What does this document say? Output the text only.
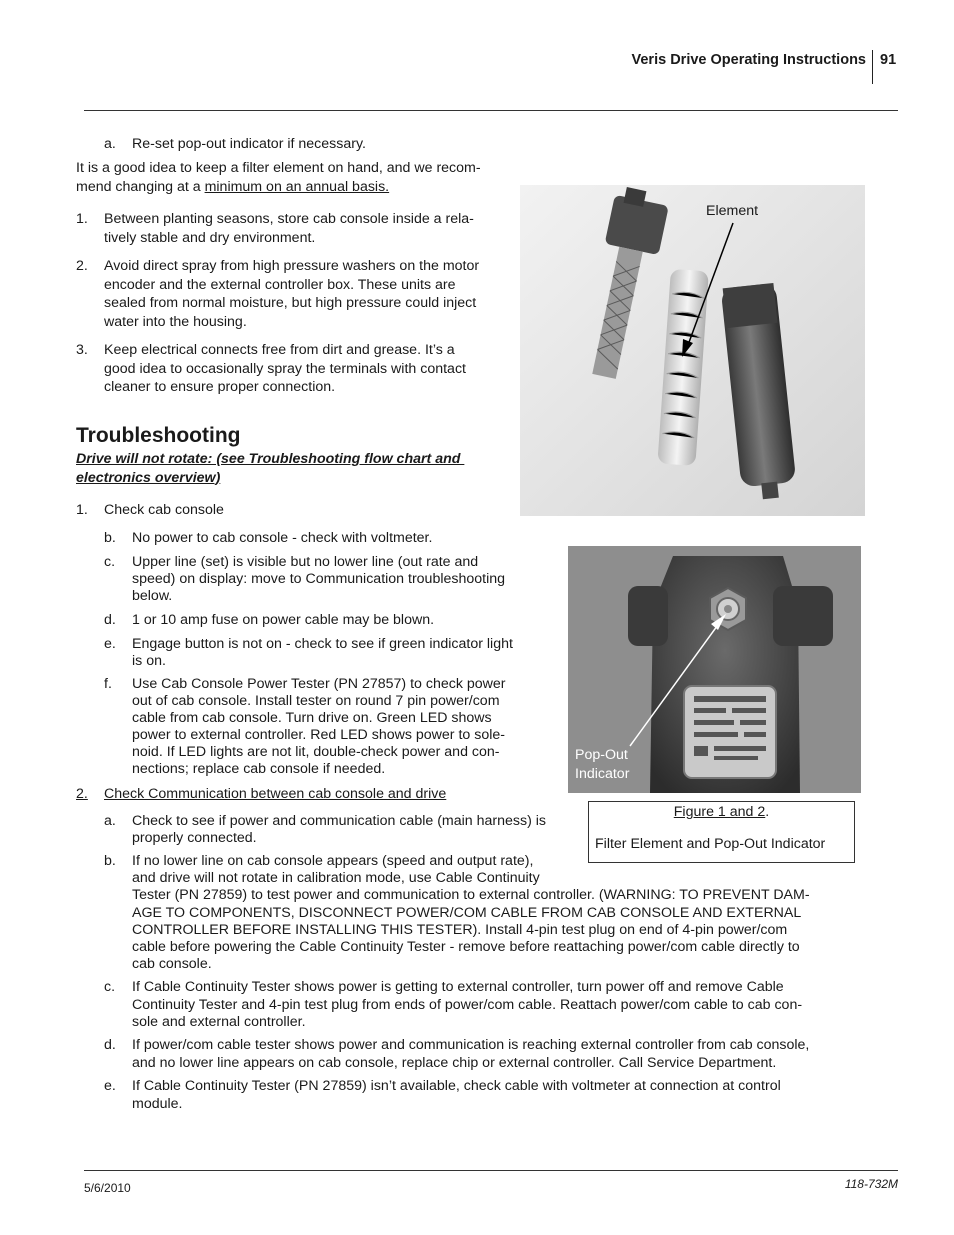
Veris Drive Operating Instructions 91
a. Re-set pop-out indicator if necessary.
It is a good idea to keep a filter element on hand, and we recom-
mend changing at a minimum on an annual basis.
1. Between planting seasons, store cab console inside a rela-
tively stable and dry environment.
2. Avoid direct spray from high pressure washers on the motor
encoder and the external controller box. These units are
sealed from normal moisture, but high pressure could inject
water into the housing.
3. Keep electrical connects free from dirt and grease. It’s a
good idea to occasionally spray the terminals with contact
cleaner to ensure proper connection.
Troubleshooting
Drive will not rotate: (see Troubleshooting flow chart and
electronics overview)
1. Check cab console
b. No power to cab console - check with voltmeter.
c. Upper line (set) is visible but no lower line (out rate and
speed) on display: move to Communication troubleshooting
below.
d. 1 or 10 amp fuse on power cable may be blown.
e. Engage button is not on - check to see if green indicator light
is on.
f. Use Cab Console Power Tester (PN 27857) to check power
out of cab console. Install tester on round 7 pin power/com
cable from cab console. Turn drive on. Green LED shows
power to external controller. Red LED shows power to sole-
noid. If LED lights are not lit, double-check power and con-
nections; replace cab console if needed.
2. Check Communication between cab console and drive
a. Check to see if power and communication cable (main harness) is
properly connected.
b. If no lower line on cab console appears (speed and output rate),
and drive will not rotate in calibration mode, use Cable Continuity
Tester (PN 27859) to test power and communication to external controller. (WARNING: TO PREVENT DAM-
AGE TO COMPONENTS, DISCONNECT POWER/COM CABLE FROM CAB CONSOLE AND EXTERNAL
CONTROLLER BEFORE INSTALLING THIS TESTER). Install 4-pin test plug on end of 4-pin power/com
cable before powering the Cable Continuity Tester - remove before reattaching power/com cable directly to
cab console.
c. If Cable Continuity Tester shows power is getting to external controller, turn power off and remove Cable
Continuity Tester and 4-pin test plug from ends of power/com cable. Reattach power/com cable to cab con-
sole and external controller.
d. If power/com cable tester shows power and communication is reaching external controller from cab console,
and no lower line appears on cab console, replace chip or external controller. Call Service Department.
e. If Cable Continuity Tester (PN 27859) isn’t available, check cable with voltmeter at connection at control
module.
Element
Pop-Out
Indicator
Figure 1 and 2.
Filter Element and Pop-Out Indicator
5/6/2010	118-732M
